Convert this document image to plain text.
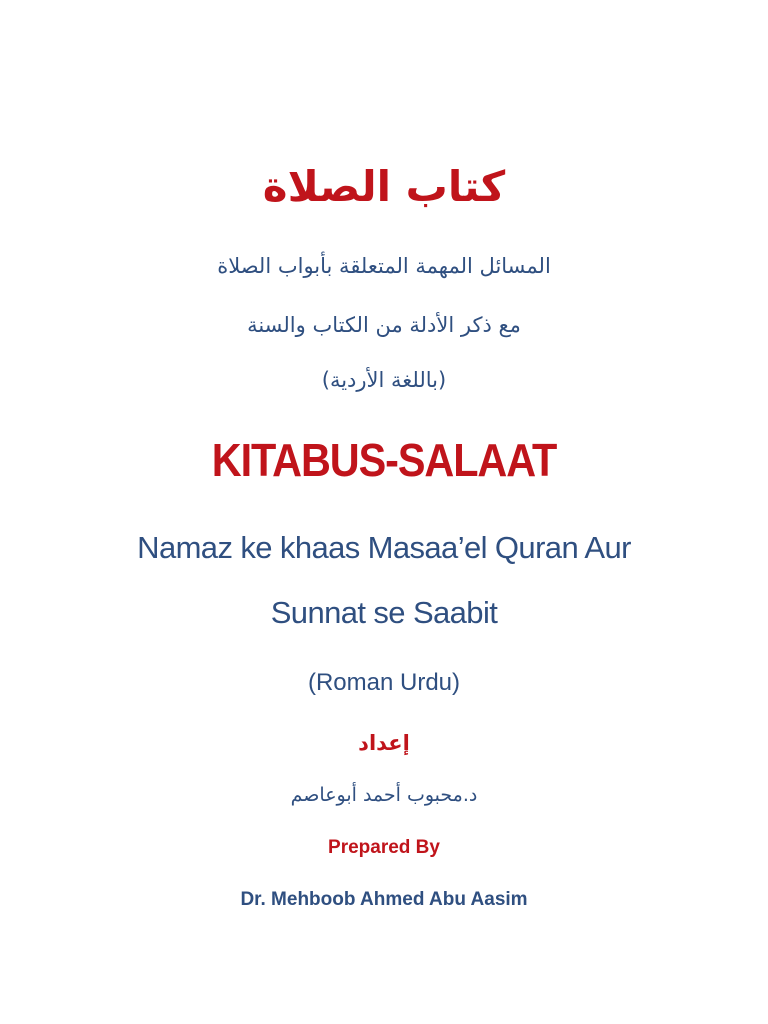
كتاب الصلاة
المسائل المهمة المتعلقة بأبواب الصلاة
مع ذكر الأدلة من الكتاب والسنة
(باللغة الأردية)
KITABUS-SALAAT
Namaz ke khaas Masaa’el Quran Aur
Sunnat se Saabit
(Roman Urdu)
إعداد
د.محبوب أحمد أبوعاصم
Prepared By
Dr. Mehboob Ahmed Abu Aasim
